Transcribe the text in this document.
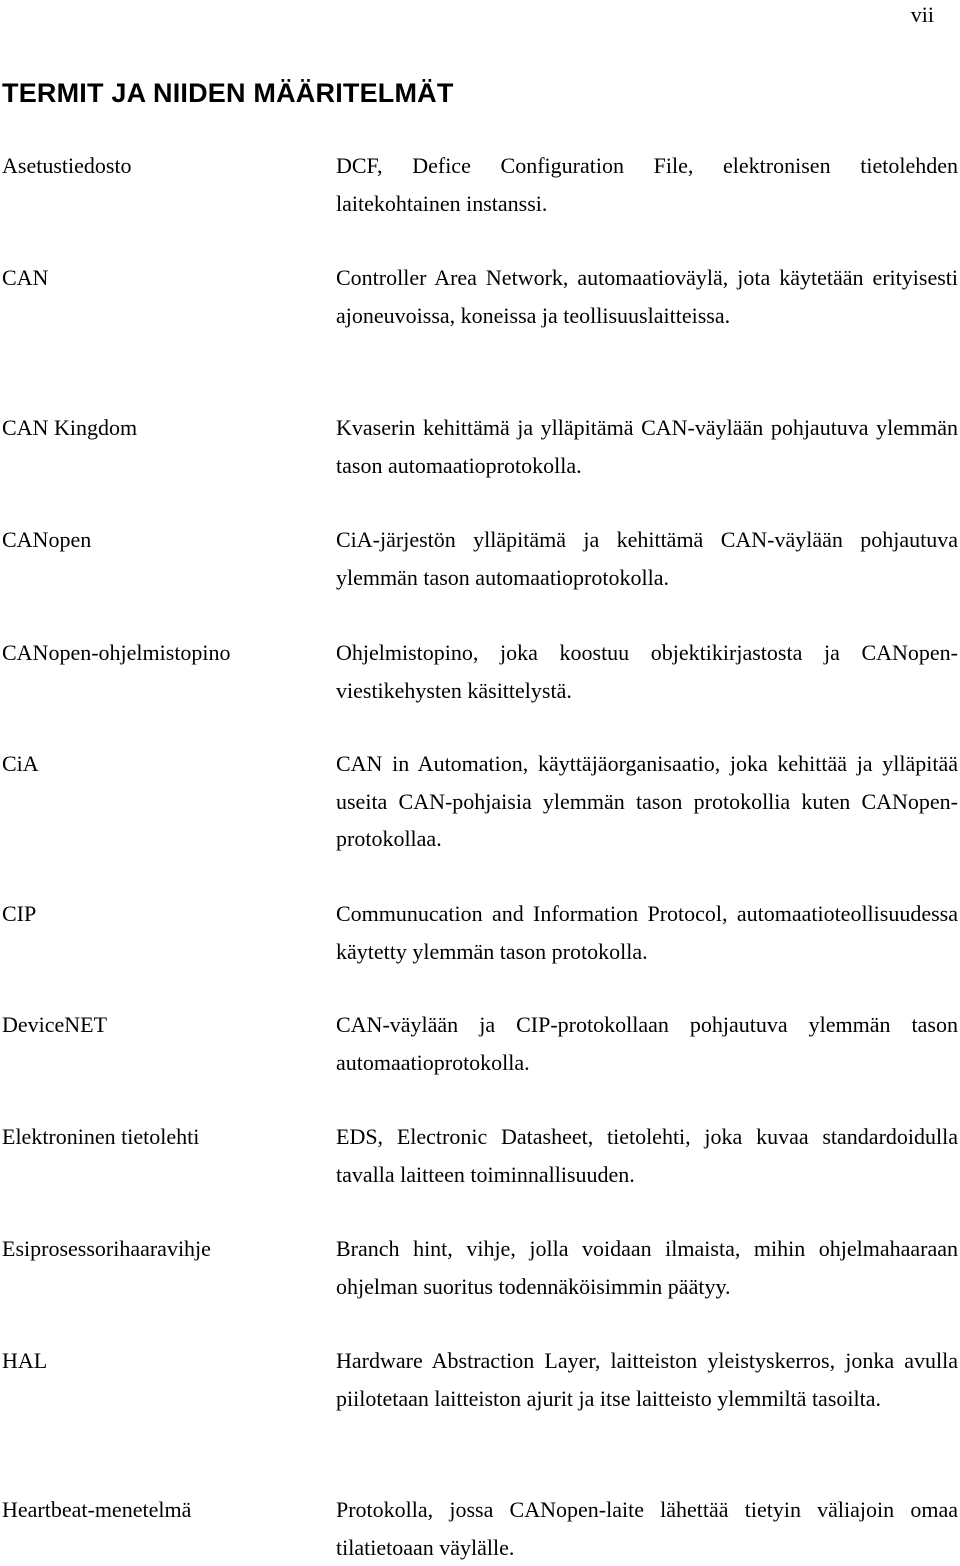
vii
TERMIT JA NIIDEN MÄÄRITELMÄT
Asetustiedosto	DCF, Defice Configuration File, elektronisen tietolehden laitekohtainen instanssi.
CAN	Controller Area Network, automaatioväylä, jota käytetään erityisesti ajoneuvoissa, koneissa ja teollisuuslaitteissa.
CAN Kingdom	Kvaserin kehittämä ja ylläpitämä CAN-väylään pohjautuva ylemmän tason automaatioprotokolla.
CANopen	CiA-järjestön ylläpitämä ja kehittämä CAN-väylään pohjautuva ylemmän tason automaatioprotokolla.
CANopen-ohjelmistopino	Ohjelmistopino, joka koostuu objektikirjastosta ja CANopen-viestikehysten käsittelystä.
CiA	CAN in Automation, käyttäjäorganisaatio, joka kehittää ja ylläpitää useita CAN-pohjaisia ylemmän tason protokollia kuten CANopen-protokollaa.
CIP	Communucation and Information Protocol, automaatioteollisuudessa käytetty ylemmän tason protokolla.
DeviceNET	CAN-väylään ja CIP-protokollaan pohjautuva ylemmän tason automaatioprotokolla.
Elektroninen tietolehti	EDS, Electronic Datasheet, tietolehti, joka kuvaa standardoidulla tavalla laitteen toiminnallisuuden.
Esiprosessorihaaravihje	Branch hint, vihje, jolla voidaan ilmaista, mihin ohjelmahaaraan ohjelman suoritus todennäköisimmin päätyy.
HAL	Hardware Abstraction Layer, laitteiston yleistyskerros, jonka avulla piilotetaan laitteiston ajurit ja itse laitteisto ylemmiltä tasoilta.
Heartbeat-menetelmä	Protokolla, jossa CANopen-laite lähettää tietyin väliajoin omaa tilatietoaan väylälle.
